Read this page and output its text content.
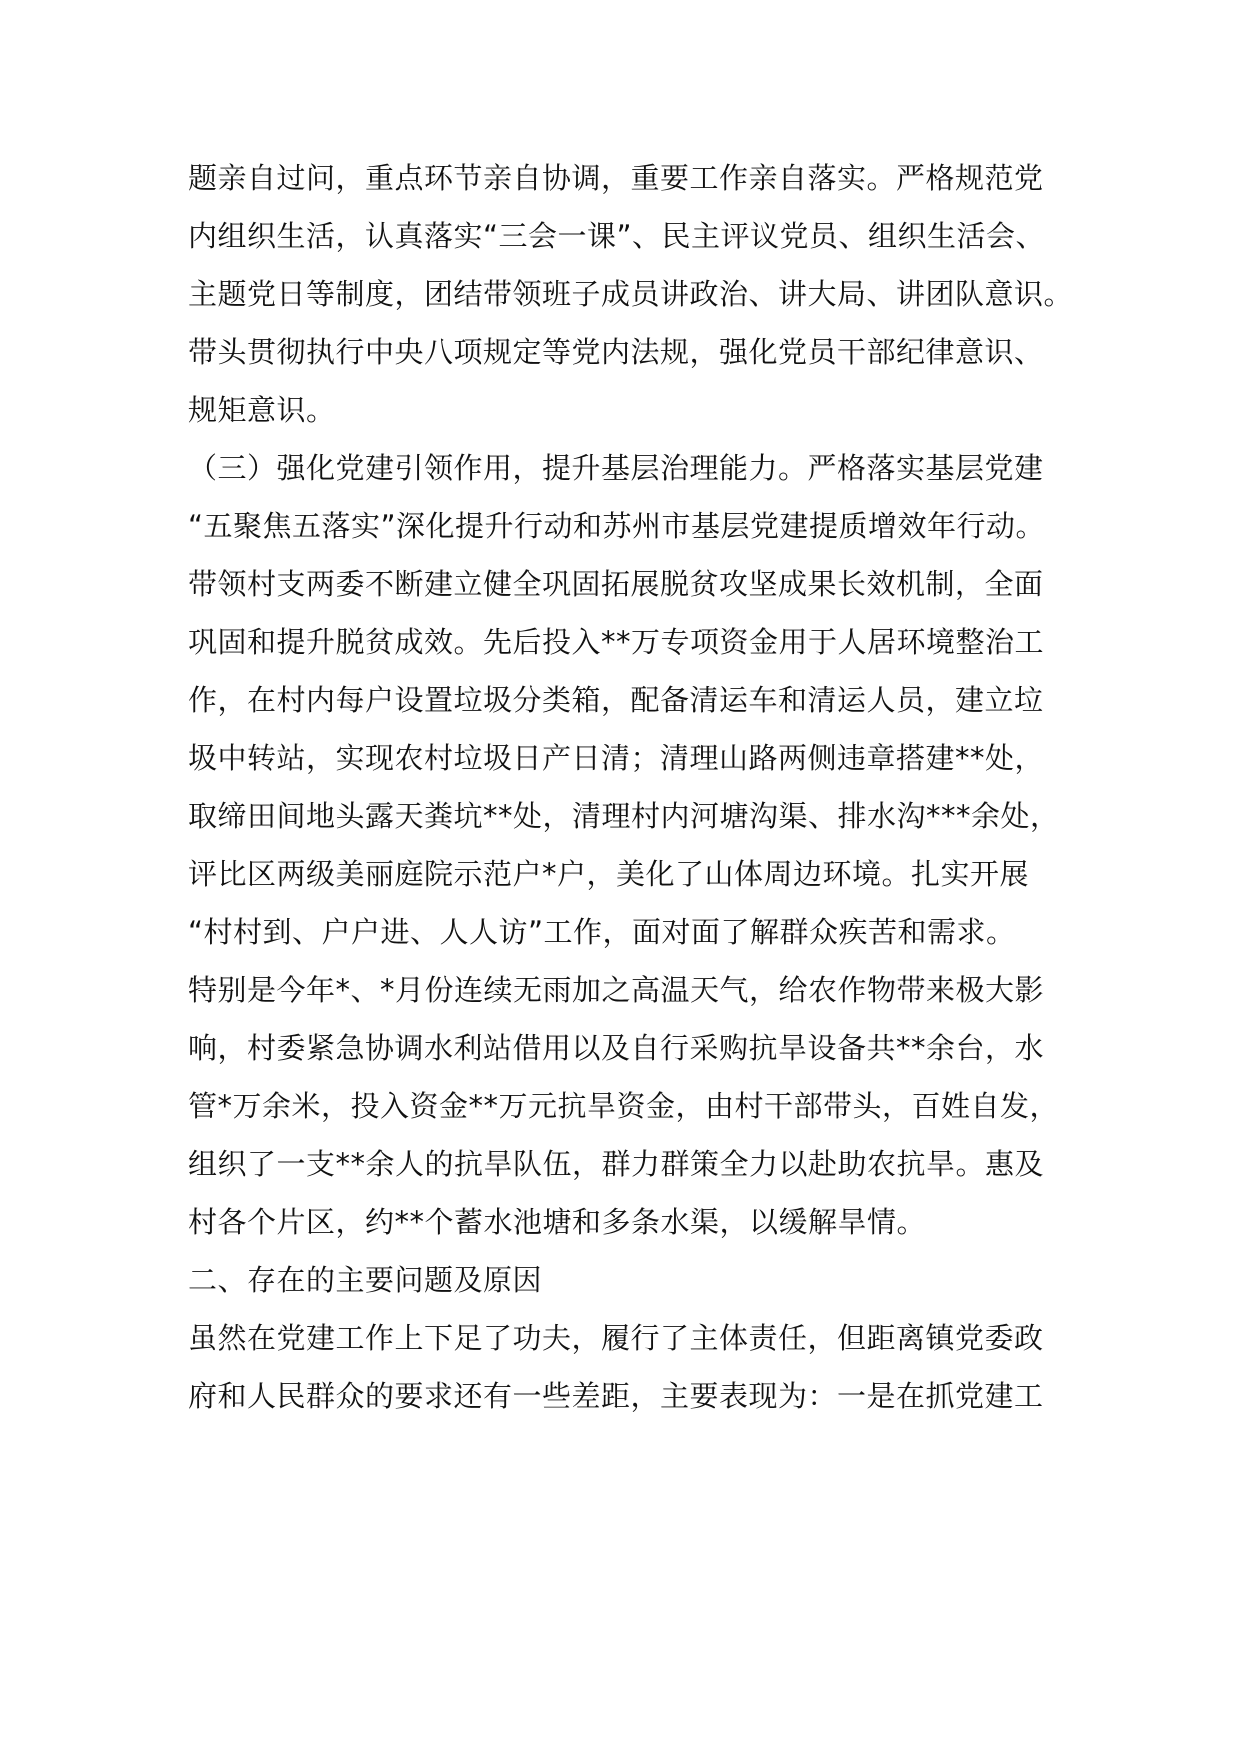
题亲自过问，重点环节亲自协调，重要工作亲自落实。严格规范党
内组织生活，认真落实“三会一课”、民主评议党员、组织生活会、
主题党日等制度，团结带领班子成员讲政治、讲大局、讲团队意识。
带头贯彻执行中央八项规定等党内法规，强化党员干部纪律意识、
规矩意识。
（三）强化党建引领作用，提升基层治理能力。严格落实基层党建
“五聚焦五落实”深化提升行动和苏州市基层党建提质增效年行动。
带领村支两委不断建立健全巩固拓展脱贫攻坚成果长效机制，全面
巩固和提升脱贫成效。先后投入**万专项资金用于人居环境整治工
作，在村内每户设置垃圾分类箱，配备清运车和清运人员，建立垃
圾中转站，实现农村垃圾日产日清；清理山路两侧违章搭建**处，
取缔田间地头露天粪坑**处，清理村内河塘沟渠、排水沟***余处，
评比区两级美丽庭院示范户*户，美化了山体周边环境。扎实开展
“村村到、户户进、人人访”工作，面对面了解群众疾苦和需求。
特别是今年*、*月份连续无雨加之高温天气，给农作物带来极大影
响，村委紧急协调水利站借用以及自行采购抗旱设备共**余台，水
管*万余米，投入资金**万元抗旱资金，由村干部带头，百姓自发，
组织了一支**余人的抗旱队伍，群力群策全力以赴助农抗旱。惠及
村各个片区，约**个蓄水池塘和多条水渠，以缓解旱情。
二、存在的主要问题及原因
虽然在党建工作上下足了功夫，履行了主体责任，但距离镇党委政
府和人民群众的要求还有一些差距，主要表现为：一是在抓党建工
